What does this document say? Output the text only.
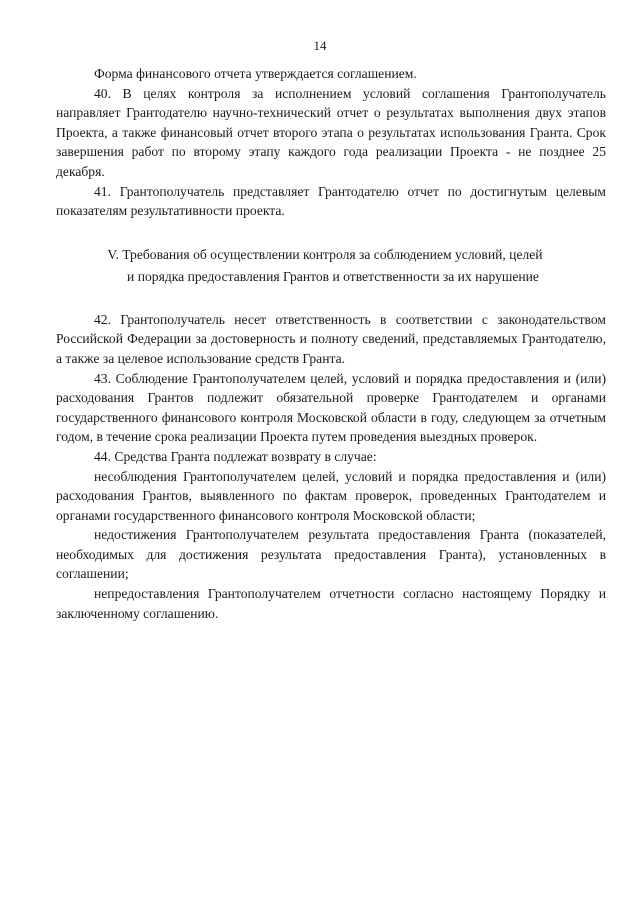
14

Форма финансового отчета утверждается соглашением.

40. В целях контроля за исполнением условий соглашения Грантополучатель направляет Грантодателю научно-технический отчет о результатах выполнения двух этапов Проекта, а также финансовый отчет второго этапа о результатах использования Гранта. Срок завершения работ по второму этапу каждого года реализации Проекта - не позднее 25 декабря.

41. Грантополучатель представляет Грантодателю отчет по достигнутым целевым показателям результативности проекта.

V. Требования об осуществлении контроля за соблюдением условий, целей
и порядка предоставления Грантов и ответственности за их нарушение

42. Грантополучатель несет ответственность в соответствии с законодательством Российской Федерации за достоверность и полноту сведений, представляемых Грантодателю, а также за целевое использование средств Гранта.

43. Соблюдение Грантополучателем целей, условий и порядка предоставления и (или) расходования Грантов подлежит обязательной проверке Грантодателем и органами государственного финансового контроля Московской области в году, следующем за отчетным годом, в течение срока реализации Проекта путем проведения выездных проверок.

44. Средства Гранта подлежат возврату в случае:

несоблюдения Грантополучателем целей, условий и порядка предоставления и (или) расходования Грантов, выявленного по фактам проверок, проведенных Грантодателем и органами государственного финансового контроля Московской области;

недостижения Грантополучателем результата предоставления Гранта (показателей, необходимых для достижения результата предоставления Гранта), установленных в соглашении;

непредоставления Грантополучателем отчетности согласно настоящему Порядку и заключенному соглашению.
